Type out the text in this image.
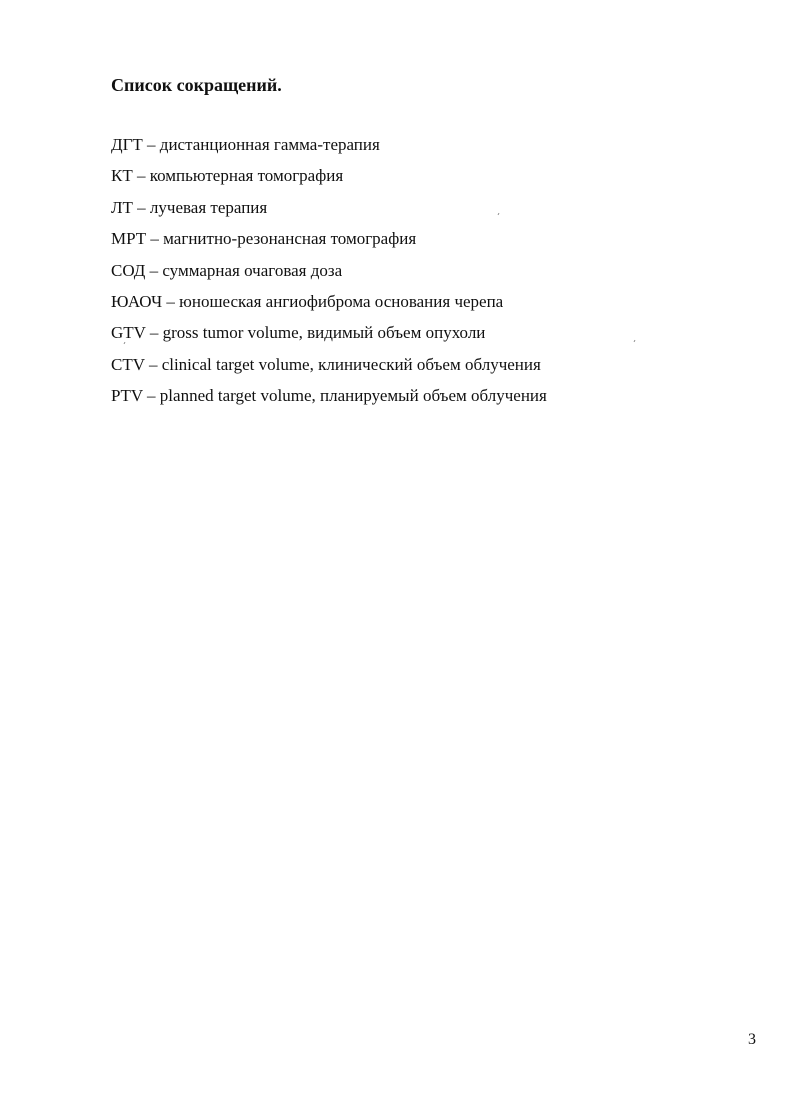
Список сокращений.
ДГТ – дистанционная гамма-терапия
КТ – компьютерная томография
ЛТ – лучевая терапия
МРТ – магнитно-резонансная томография
СОД – суммарная очаговая доза
ЮАОЧ – юношеская ангиофиброма основания черепа
GTV – gross tumor volume, видимый объем опухоли
CTV – clinical target volume, клинический объем облучения
PTV – planned target volume, планируемый объем облучения
3
